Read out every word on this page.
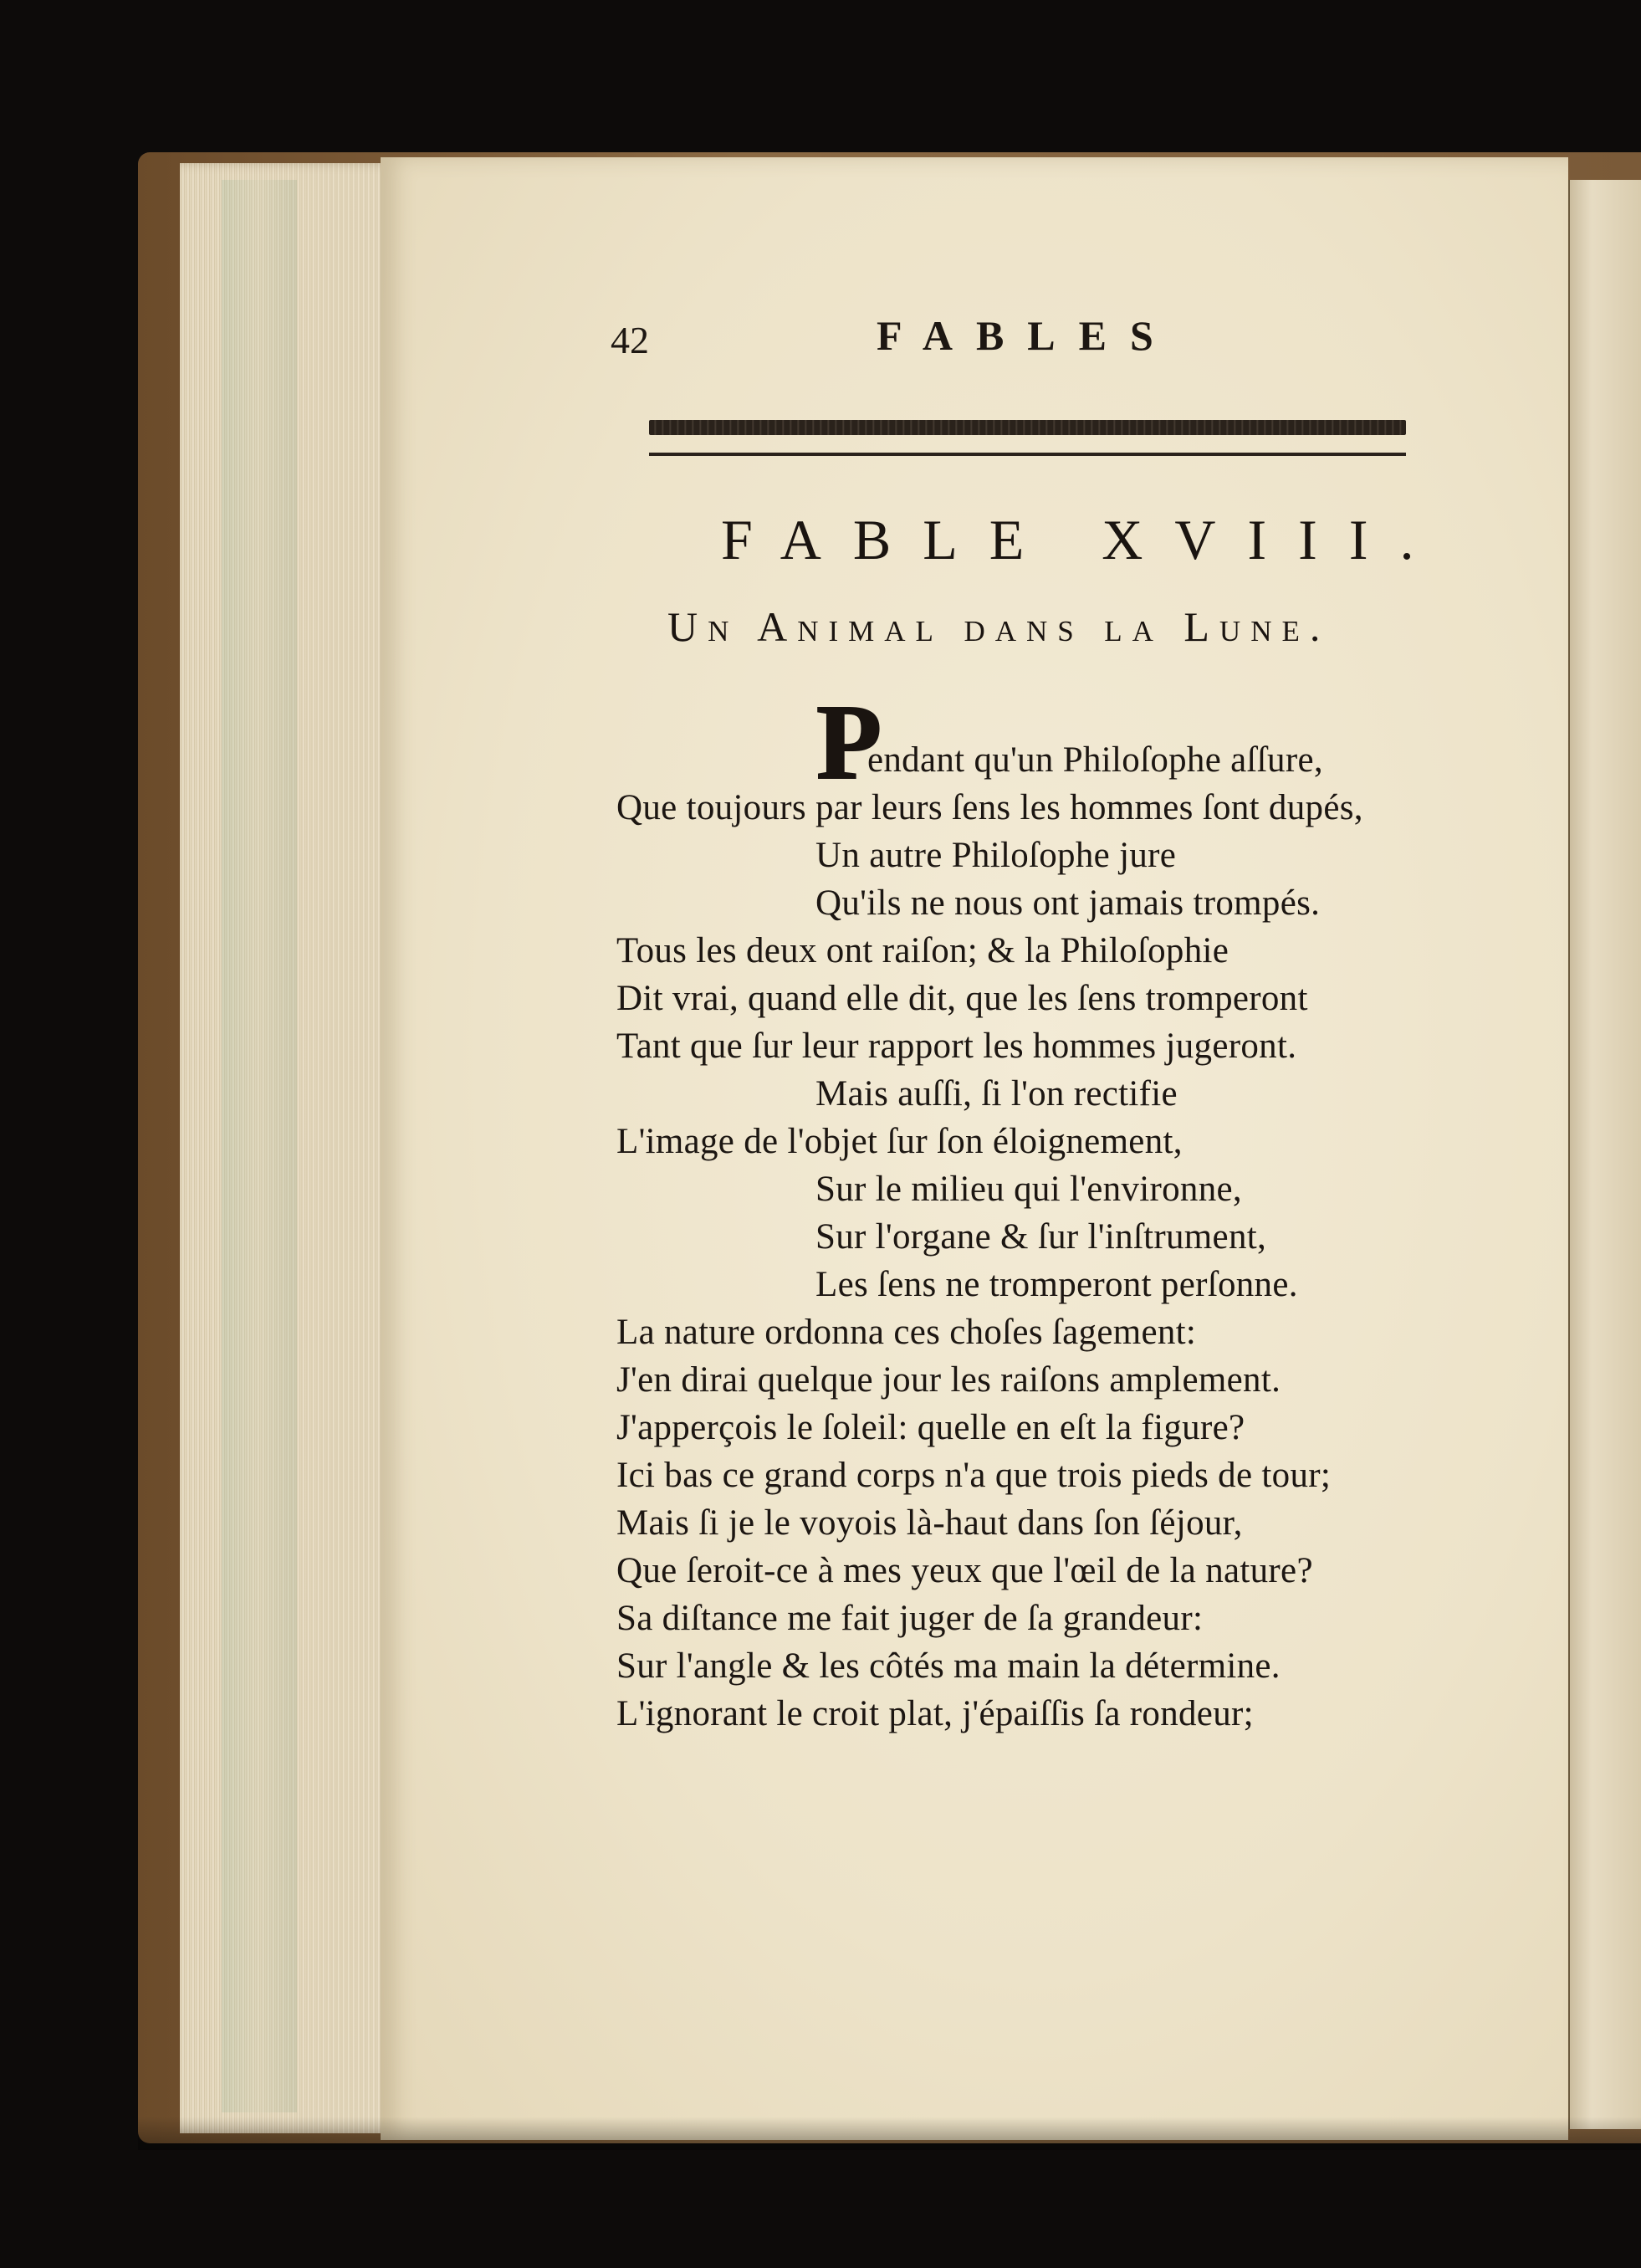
42	FABLES
FABLE XVIII.
Un Animal dans la Lune.
P
endant qu'un Philoſophe aſſure,
Que toujours par leurs ſens les hommes ſont dupés,
Un autre Philoſophe jure
Qu'ils ne nous ont jamais trompés.
Tous les deux ont raiſon; & la Philoſophie
Dit vrai, quand elle dit, que les ſens tromperont
Tant que ſur leur rapport les hommes jugeront.
Mais auſſi, ſi l'on rectifie
L'image de l'objet ſur ſon éloignement,
Sur le milieu qui l'environne,
Sur l'organe & ſur l'inſtrument,
Les ſens ne tromperont perſonne.
La nature ordonna ces choſes ſagement:
J'en dirai quelque jour les raiſons amplement.
J'apperçois le ſoleil: quelle en eſt la figure?
Ici bas ce grand corps n'a que trois pieds de tour;
Mais ſi je le voyois là-haut dans ſon ſéjour,
Que ſeroit-ce à mes yeux que l'œil de la nature?
Sa diſtance me fait juger de ſa grandeur:
Sur l'angle & les côtés ma main la détermine.
L'ignorant le croit plat, j'épaiſſis ſa rondeur;
